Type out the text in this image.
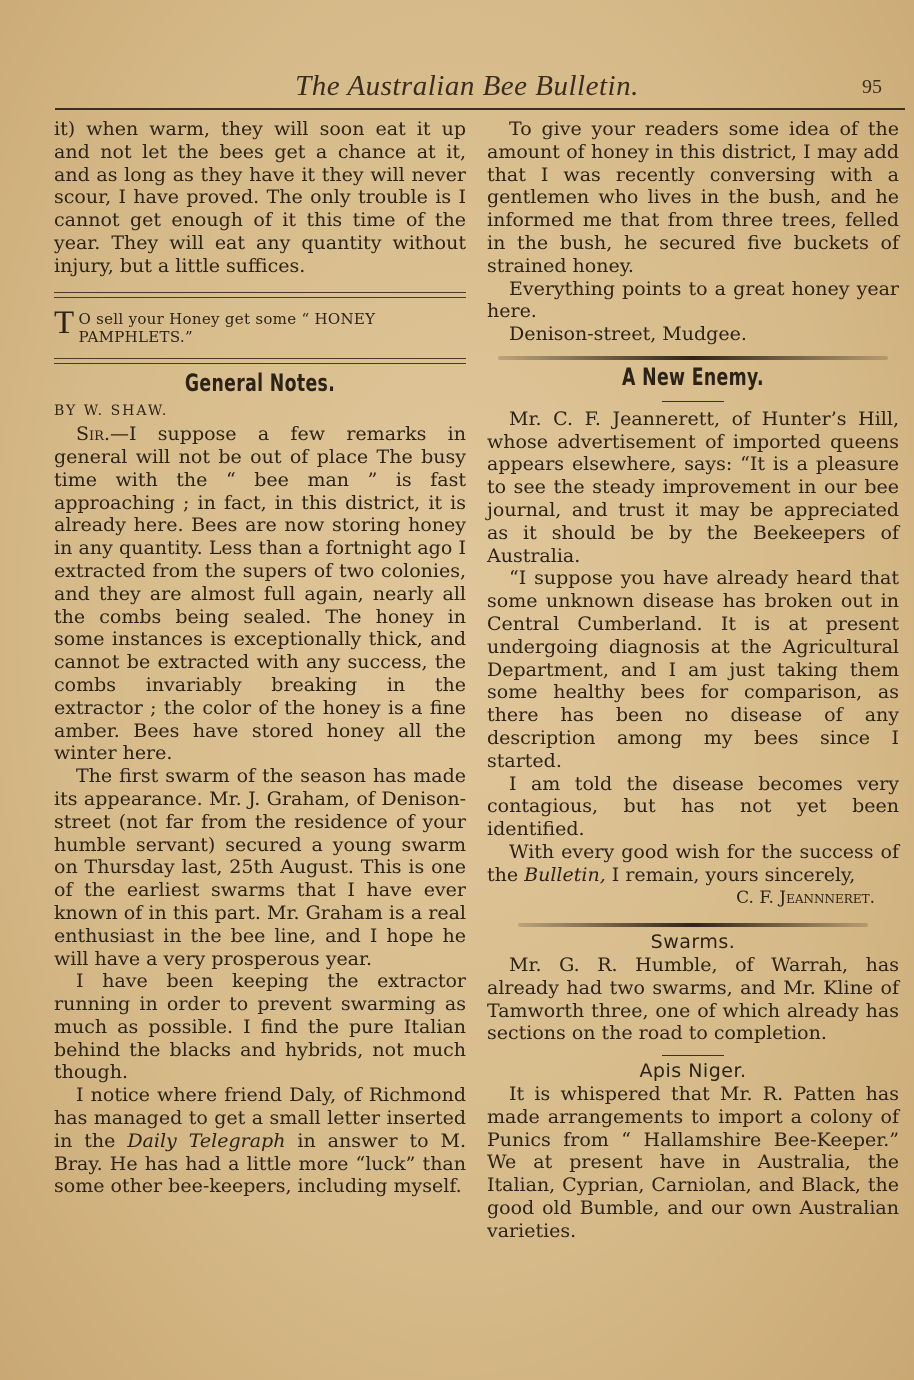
The Australian Bee Bulletin.	95

it) when warm, they will soon eat it up and not let the bees get a chance at it, and as long as they have it they will never scour, I have proved. The only trouble is I cannot get enough of it this time of the year. They will eat any quantity without injury, but a little suffices.

T O sell your Honey get some “ HONEY PAMPHLETS.”
General Notes.

BY W. SHAW.

Sir.—I suppose a few remarks in general will not be out of place The busy time with the “ bee man ” is fast approaching ; in fact, in this district, it is already here. Bees are now storing honey in any quantity. Less than a fortnight ago I extracted from the supers of two colonies, and they are almost full again, nearly all the combs being sealed. The honey in some instances is exceptionally thick, and cannot be extracted with any success, the combs invariably breaking in the extractor ; the color of the honey is a fine amber. Bees have stored honey all the winter here.

The first swarm of the season has made its appearance. Mr. J. Graham, of Denison-street (not far from the residence of your humble servant) secured a young swarm on Thursday last, 25th August. This is one of the earliest swarms that I have ever known of in this part. Mr. Graham is a real enthusiast in the bee line, and I hope he will have a very prosperous year.

I have been keeping the extractor running in order to prevent swarming as much as possible. I find the pure Italian behind the blacks and hybrids, not much though.

I notice where friend Daly, of Richmond has managed to get a small letter inserted in the Daily Telegraph in answer to M. Bray. He has had a little more “luck” than some other bee-keepers, including myself.

To give your readers some idea of the amount of honey in this district, I may add that I was recently conversing with a gentlemen who lives in the bush, and he informed me that from three trees, felled in the bush, he secured five buckets of strained honey.

Everything points to a great honey year here.

Denison-street, Mudgee.

A New Enemy.

Mr. C. F. Jeannerett, of Hunter’s Hill, whose advertisement of imported queens appears elsewhere, says: “It is a pleasure to see the steady improvement in our bee journal, and trust it may be appreciated as it should be by the Beekeepers of Australia.

“I suppose you have already heard that some unknown disease has broken out in Central Cumberland. It is at present undergoing diagnosis at the Agricultural Department, and I am just taking them some healthy bees for comparison, as there has been no disease of any description among my bees since I started.

I am told the disease becomes very contagious, but has not yet been identified.

With every good wish for the success of the Bulletin, I remain, yours sincerely,

C. F. Jeannneret.

Swarms.

Mr. G. R. Humble, of Warrah, has already had two swarms, and Mr. Kline of Tamworth three, one of which already has sections on the road to completion.

Apis Niger.

It is whispered that Mr. R. Patten has made arrangements to import a colony of Punics from “ Hallamshire Bee-Keeper.” We at present have in Australia, the Italian, Cyprian, Carniolan, and Black, the good old Bumble, and our own Australian varieties.
